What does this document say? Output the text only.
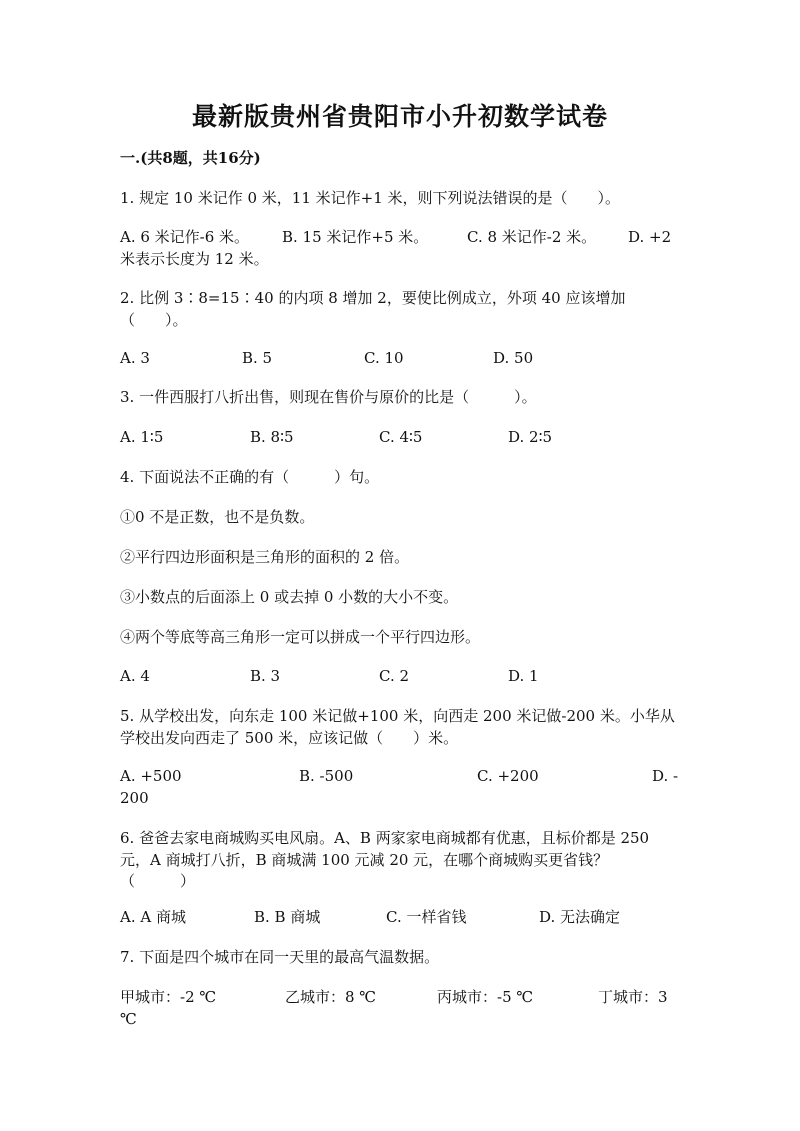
最新版贵州省贵阳市小升初数学试卷
一.(共8题，共16分)
1. 规定 10 米记作 0 米，11 米记作+1 米，则下列说法错误的是（　　）。
A. 6 米记作-6 米。 B. 15 米记作+5 米。	C. 8 米记作-2 米。 D. +2
米表示长度为 12 米。
2. 比例 3∶8=15∶40 的内项 8 增加 2，要使比例成立，外项 40 应该增加
（　　）。
A. 3	B. 5	C. 10	D. 50
3. 一件西服打八折出售，则现在售价与原价的比是（　　　）。
A. 1∶5	B. 8∶5	C. 4∶5	D. 2∶5
4. 下面说法不正确的有（　　　）句。
①0 不是正数，也不是负数。
②平行四边形面积是三角形的面积的 2 倍。
③小数点的后面添上 0 或去掉 0 小数的大小不变。
④两个等底等高三角形一定可以拼成一个平行四边形。
A. 4	B. 3	C. 2	D. 1
5. 从学校出发，向东走 100 米记做+100 米，向西走 200 米记做-200 米。小华从
学校出发向西走了 500 米，应该记做（　　）米。
A. +500	B. -500	C. +200	D. -
200
6. 爸爸去家电商城购买电风扇。A、B 两家家电商城都有优惠，且标价都是 250
元，A 商城打八折，B 商城满 100 元减 20 元，在哪个商城购买更省钱？
（　　　）
A. A 商城	B. B 商城	C. 一样省钱	D. 无法确定
7. 下面是四个城市在同一天里的最高气温数据。
甲城市：-2 ℃	乙城市：8 ℃	丙城市：-5 ℃	丁城市：3
℃
